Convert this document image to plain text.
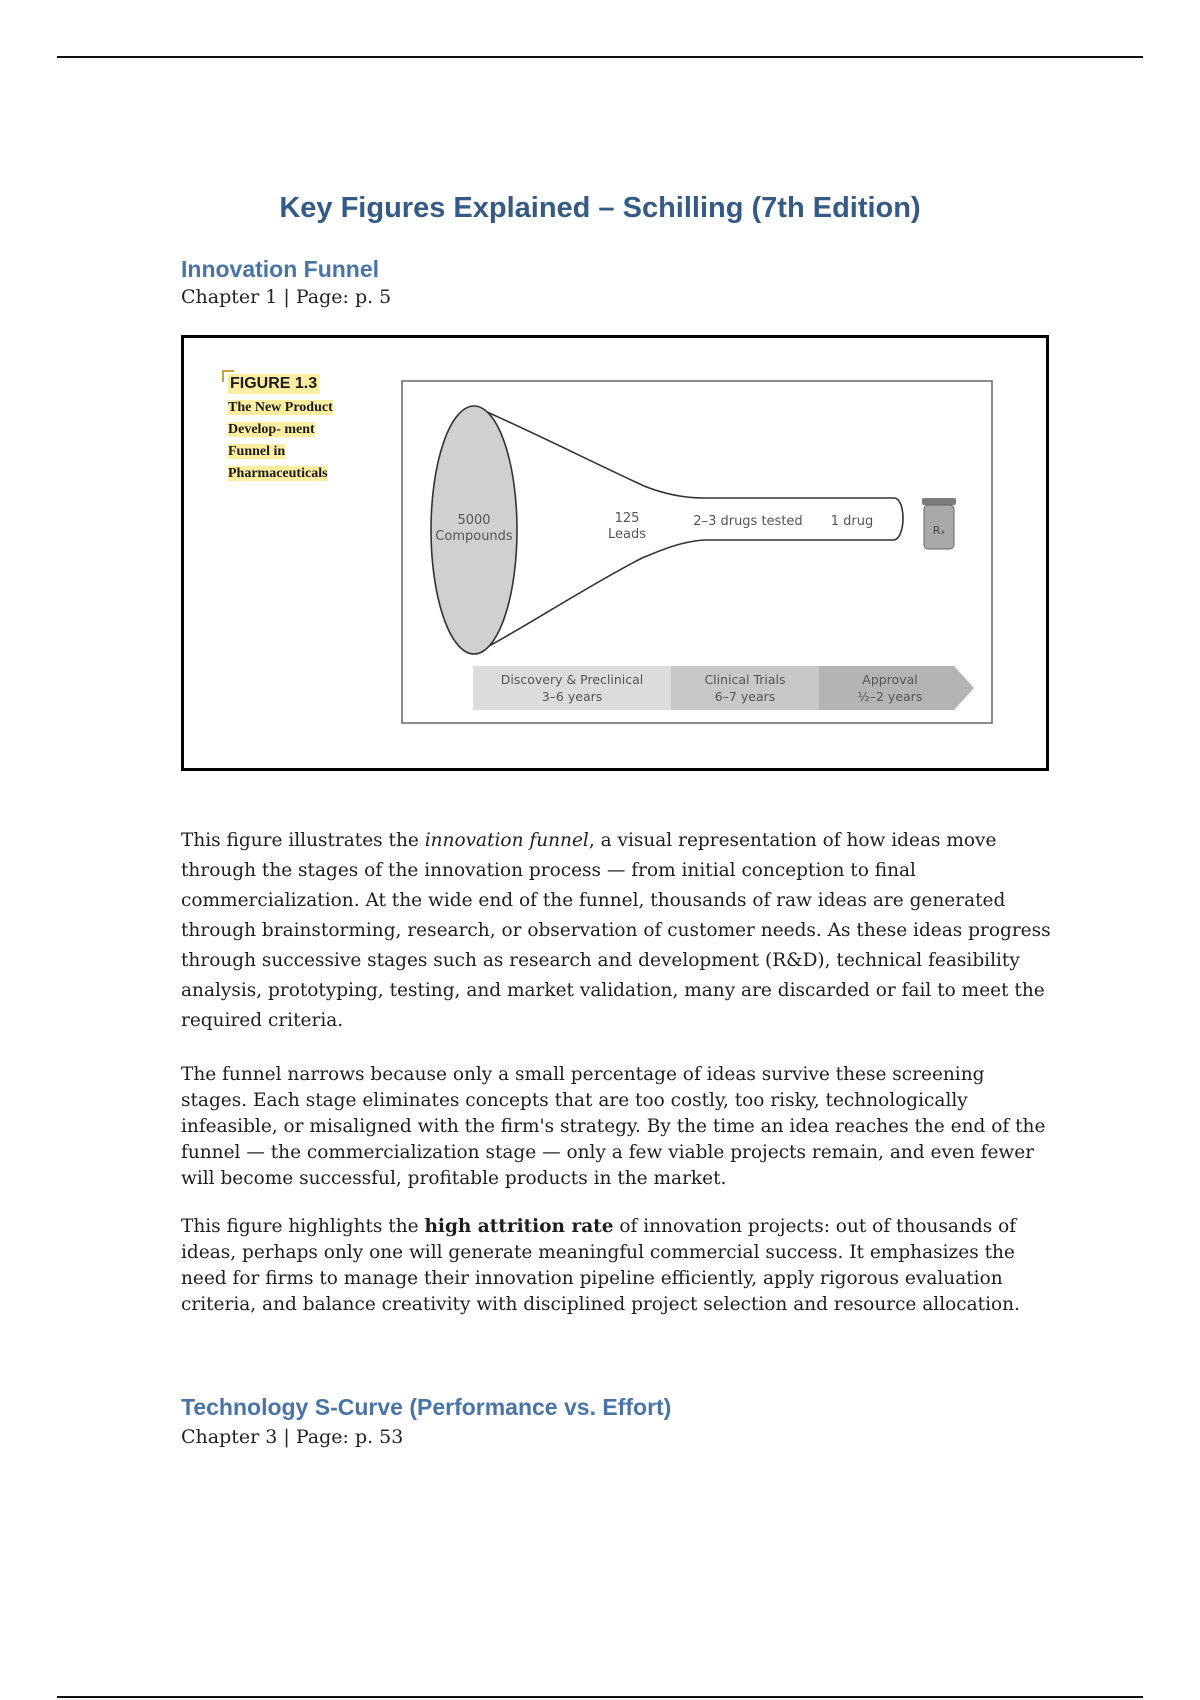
Key Figures Explained – Schilling (7th Edition)
Innovation Funnel

Chapter 1 | Page: p. 5

Rₓ
5000
Compounds
125
Leads
2–3 drugs tested 1 drug
Discovery & Preclinical
3–6 years
Clinical Trials
6–7 years
Approval
½–2 years
FIGURE 1.3
The New Product Develop- ment Funnel in Pharmaceuticals

This figure illustrates the innovation funnel, a visual representation of how ideas move through the stages of the innovation process — from initial conception to final commercialization. At the wide end of the funnel, thousands of raw ideas are generated through brainstorming, research, or observation of customer needs. As these ideas progress through successive stages such as research and development (R&D), technical feasibility analysis, prototyping, testing, and market validation, many are discarded or fail to meet the required criteria.

The funnel narrows because only a small percentage of ideas survive these screening stages. Each stage eliminates concepts that are too costly, too risky, technologically infeasible, or misaligned with the firm's strategy. By the time an idea reaches the end of the funnel — the commercialization stage — only a few viable projects remain, and even fewer will become successful, profitable products in the market.

This figure highlights the high attrition rate of innovation projects: out of thousands of ideas, perhaps only one will generate meaningful commercial success. It emphasizes the need for firms to manage their innovation pipeline efficiently, apply rigorous evaluation criteria, and balance creativity with disciplined project selection and resource allocation.

Technology S-Curve (Performance vs. Effort)

Chapter 3 | Page: p. 53
